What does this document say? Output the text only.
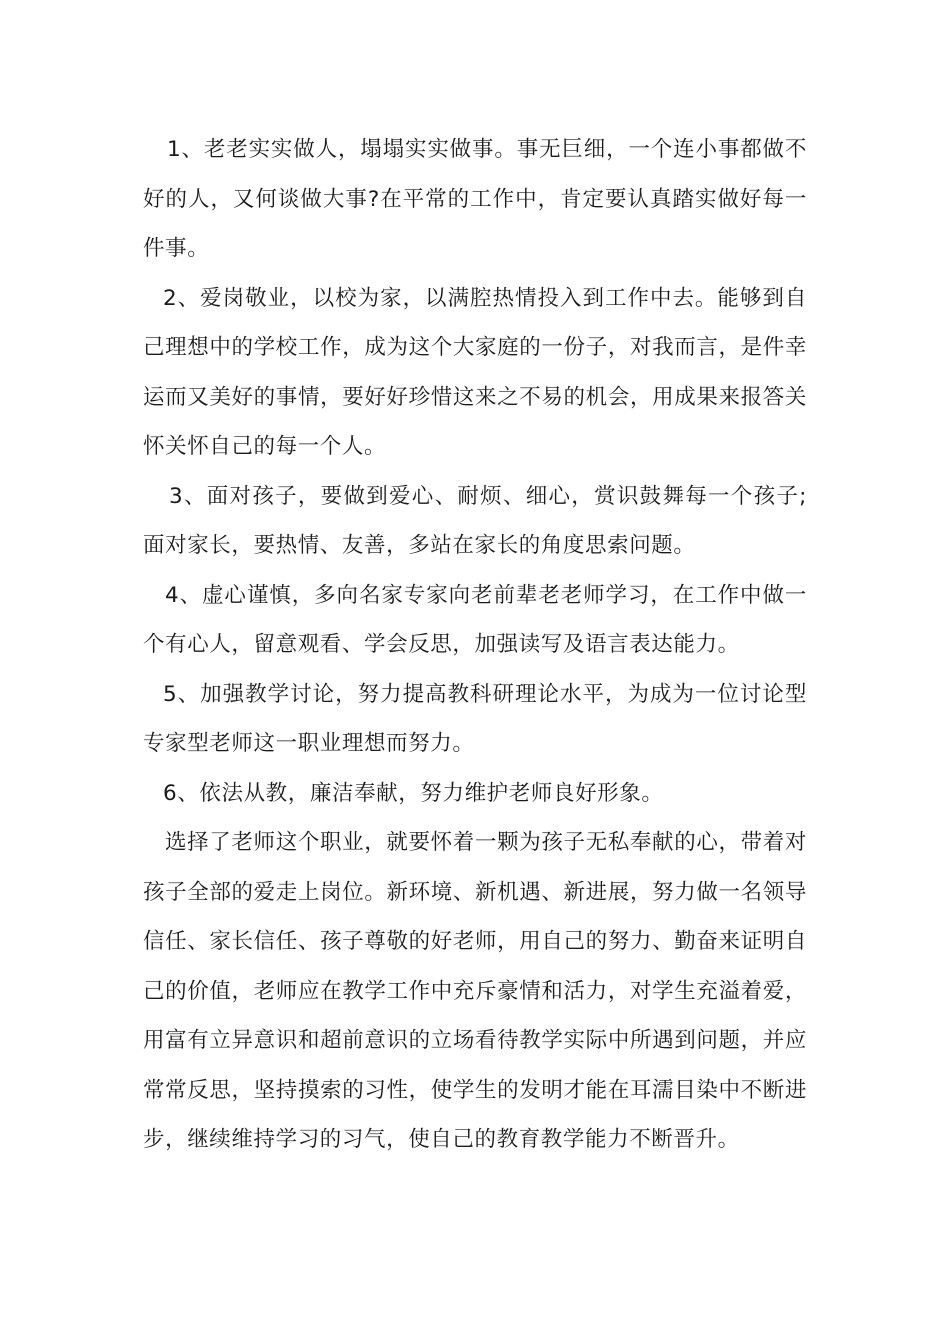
1、老老实实做人，塌塌实实做事。事无巨细，一个连小事都做不好的人，又何谈做大事?在平常的工作中，肯定要认真踏实做好每一件事。

2、爱岗敬业，以校为家，以满腔热情投入到工作中去。能够到自己理想中的学校工作，成为这个大家庭的一份子，对我而言，是件幸运而又美好的事情，要好好珍惜这来之不易的机会，用成果来报答关怀关怀自己的每一个人。

3、面对孩子，要做到爱心、耐烦、细心，赏识鼓舞每一个孩子;面对家长，要热情、友善，多站在家长的角度思索问题。

4、虚心谨慎，多向名家专家向老前辈老老师学习，在工作中做一个有心人，留意观看、学会反思，加强读写及语言表达能力。

5、加强教学讨论，努力提高教科研理论水平，为成为一位讨论型专家型老师这一职业理想而努力。

6、依法从教，廉洁奉献，努力维护老师良好形象。

选择了老师这个职业，就要怀着一颗为孩子无私奉献的心，带着对孩子全部的爱走上岗位。新环境、新机遇、新进展，努力做一名领导信任、家长信任、孩子尊敬的好老师，用自己的努力、勤奋来证明自己的价值，老师应在教学工作中充斥豪情和活力，对学生充溢着爱，用富有立异意识和超前意识的立场看待教学实际中所遇到问题，并应常常反思，坚持摸索的习性，使学生的发明才能在耳濡目染中不断进步，继续维持学习的习气，使自己的教育教学能力不断晋升。
